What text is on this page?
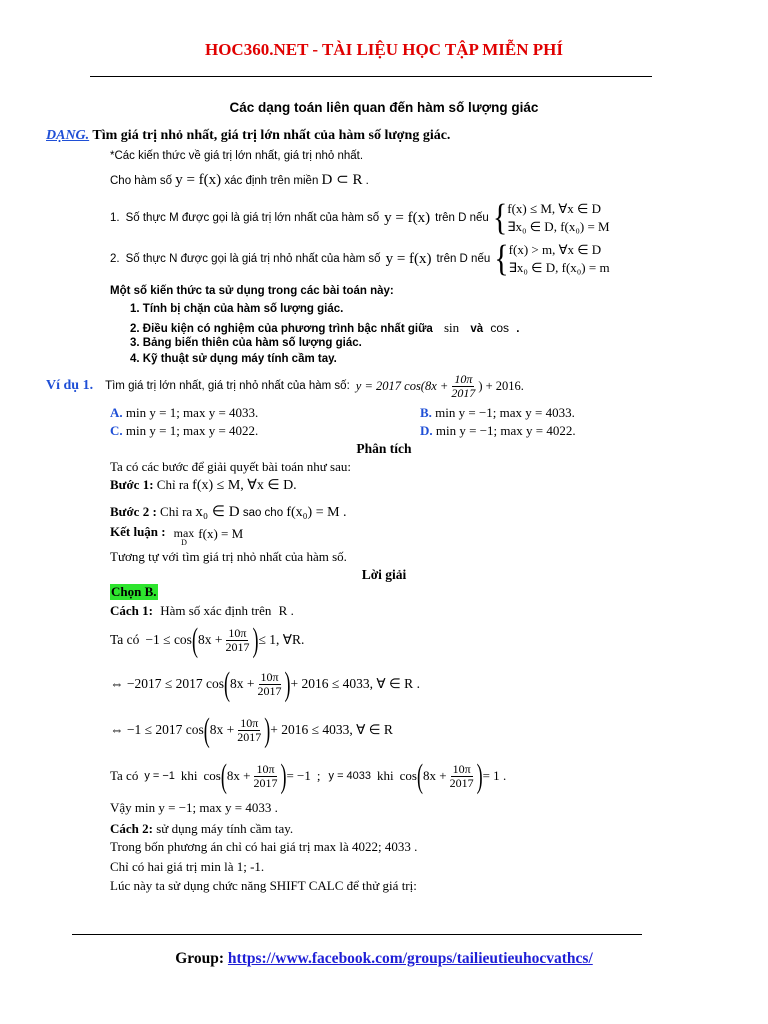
HOC360.NET - TÀI LIỆU HỌC TẬP MIỄN PHÍ
Các dạng toán liên quan đến hàm số lượng giác
DẠNG. Tìm giá trị nhỏ nhất, giá trị lớn nhất của hàm số lượng giác.
*Các kiến thức về giá trị lớn nhất, giá trị nhỏ nhất.
Cho hàm số y = f(x) xác định trên miền D ⊂ R .
1. Số thực M được gọi là giá trị lớn nhất của hàm số y = f(x) trên D nếu { f(x) ≤ M, ∀x ∈ D
∃x₀ ∈ D, f(x₀) = M
2. Số thực N được gọi là giá trị nhỏ nhất của hàm số y = f(x) trên D nếu { f(x) > m, ∀x ∈ D
∃x₀ ∈ D, f(x₀) = m
Một số kiến thức ta sử dụng trong các bài toán này:
1. Tính bị chặn của hàm số lượng giác.
2. Điều kiện có nghiệm của phương trình bậc nhất giữa sin và cos .
3. Bảng biến thiên của hàm số lượng giác.
4. Kỹ thuật sử dụng máy tính cầm tay.
Ví dụ 1. Tìm giá trị lớn nhất, giá trị nhỏ nhất của hàm số: y = 2017 $\cos(8x + \frac{10\pi}{2017}$ ) + 2016.
A. min y = 1; max y = 4033.	B. min y = −1; max y = 4033.
C. min y = 1; max y = 4022.	D. min y = −1; max y = 4022.
Phân tích
Ta có các bước để giải quyết bài toán như sau:
Bước 1: Chỉ ra f(x) ≤ M, ∀x ∈ D.
Bước 2 : Chỉ ra x₀ ∈ D sao cho f(x₀) = M .
Kết luận : max
D
f(x) = M
Tương tự với tìm giá trị nhỏ nhất của hàm số.
Lời giải
Chọn B.
Cách 1: Hàm số xác định trên R .
Ta có −1 ≤ cos ( $8x + \frac{10\pi}{2017}$ ) ≤ 1, ∀R.
⇔ −2017 ≤ 2017 cos ( $8x + \frac{10\pi}{2017}$ ) + 2016 ≤ 4033, ∀ ∈ R .
⇔ −1 ≤ 2017 cos ( $8x + \frac{10\pi}{2017}$ ) + 2016 ≤ 4033, ∀ ∈ R
Ta có y = −1 khi cos ( $8x + \frac{10\pi}{2017}$ ) = −1 ; y = 4033 khi cos ( $8x + \frac{10\pi}{2017}$ ) = 1 .
Vậy min y = −1; max y = 4033 .
Cách 2: sử dụng máy tính cầm tay.
Trong bốn phương án chỉ có hai giá trị max là 4022; 4033 .
Chỉ có hai giá trị min là 1; -1.
Lúc này ta sử dụng chức năng SHIFT CALC để thử giá trị:
Group: https://www.facebook.com/groups/tailieutieuhocvathcs/
